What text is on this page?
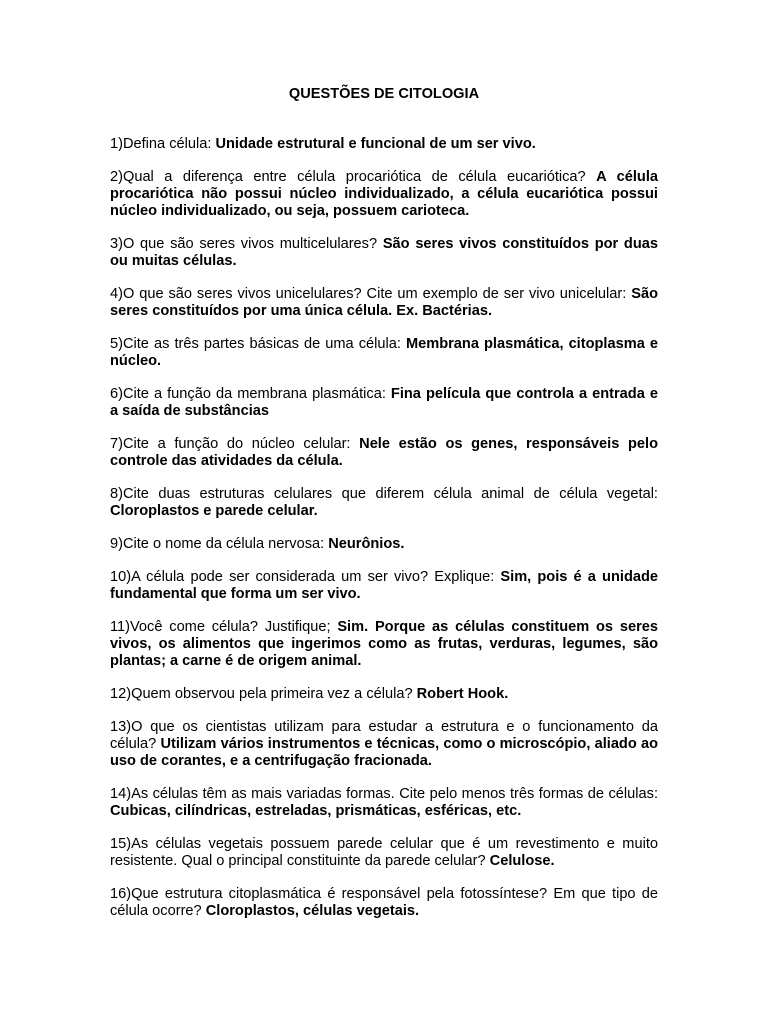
QUESTÕES DE CITOLOGIA

1)Defina célula: Unidade estrutural e funcional de um ser vivo.

2)Qual a diferença entre célula procariótica de célula eucariótica? A célula procariótica não possui núcleo individualizado, a célula eucariótica possui núcleo individualizado, ou seja, possuem carioteca.

3)O que são seres vivos multicelulares? São seres vivos constituídos por duas ou muitas células.

4)O que são seres vivos unicelulares? Cite um exemplo de ser vivo unicelular: São seres constituídos por uma única célula. Ex. Bactérias.

5)Cite as três partes básicas de uma célula: Membrana plasmática, citoplasma e núcleo.

6)Cite a função da membrana plasmática: Fina película que controla a entrada e a saída de substâncias

7)Cite a função do núcleo celular: Nele estão os genes, responsáveis pelo controle das atividades da célula.

8)Cite duas estruturas celulares que diferem célula animal de célula vegetal: Cloroplastos e parede celular.

9)Cite o nome da célula nervosa: Neurônios.

10)A célula pode ser considerada um ser vivo? Explique: Sim, pois é a unidade fundamental que forma um ser vivo.

11)Você come célula? Justifique; Sim. Porque as células constituem os seres vivos, os alimentos que ingerimos como as frutas, verduras, legumes, são plantas; a carne é de origem animal.

12)Quem observou pela primeira vez a célula? Robert Hook.

13)O que os cientistas utilizam para estudar a estrutura e o funcionamento da célula? Utilizam vários instrumentos e técnicas, como o microscópio, aliado ao uso de corantes, e a centrifugação fracionada.

14)As células têm as mais variadas formas. Cite pelo menos três formas de células: Cubicas, cilíndricas, estreladas, prismáticas, esféricas, etc.

15)As células vegetais possuem parede celular que é um revestimento e muito resistente. Qual o principal constituinte da parede celular? Celulose.

16)Que estrutura citoplasmática é responsável pela fotossíntese? Em que tipo de célula ocorre? Cloroplastos, células vegetais.
